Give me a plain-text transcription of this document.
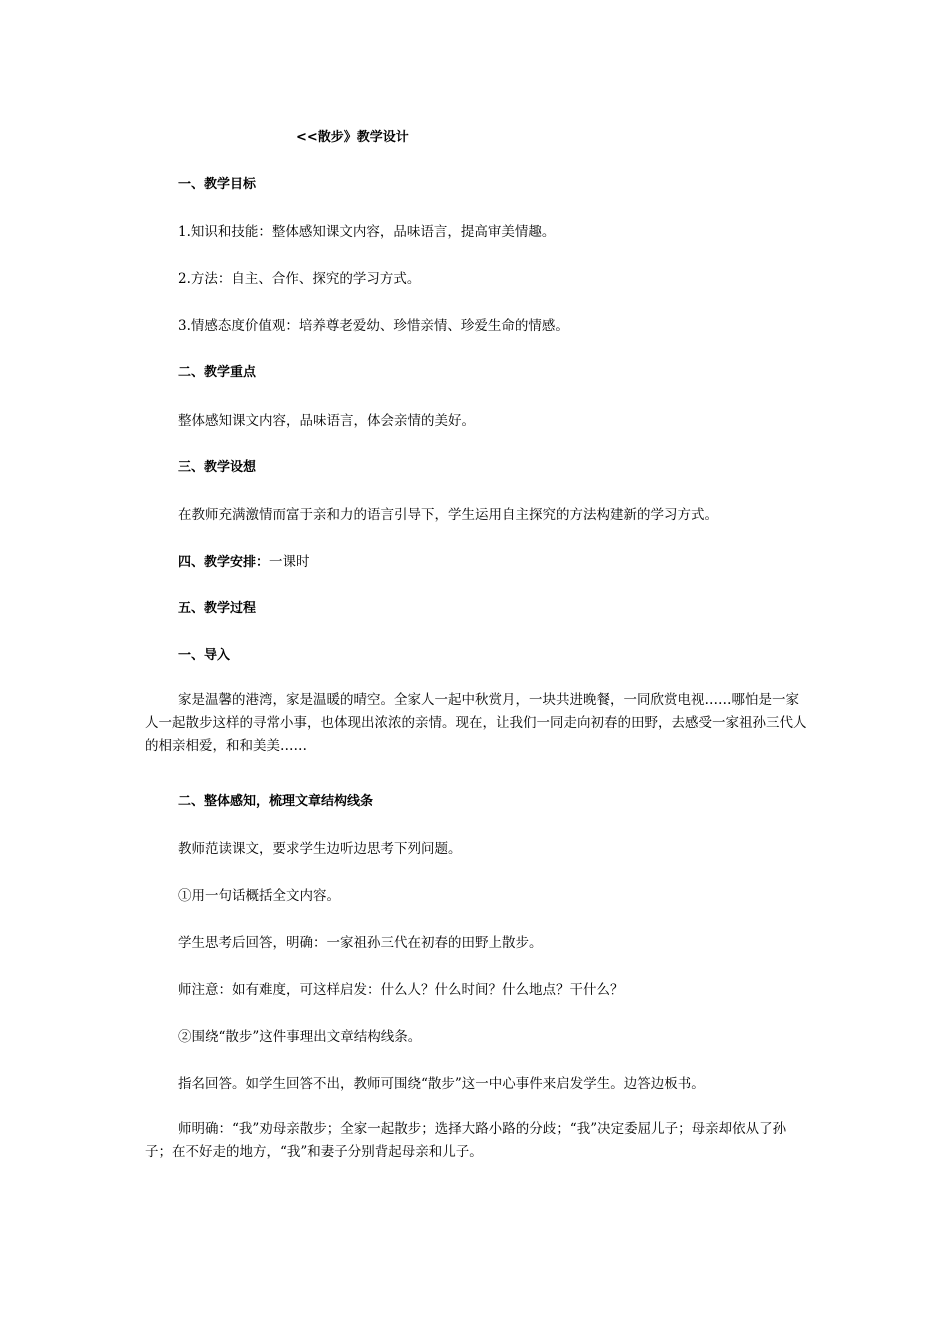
<<散步》教学设计

一、教学目标

1.知识和技能：整体感知课文内容，品味语言，提高审美情趣。

2.方法：自主、合作、探究的学习方式。

3.情感态度价值观：培养尊老爱幼、珍惜亲情、珍爱生命的情感。

二、教学重点

整体感知课文内容，品味语言，体会亲情的美好。

三、教学设想

在教师充满激情而富于亲和力的语言引导下，学生运用自主探究的方法构建新的学习方式。

四、教学安排：一课时

五、教学过程

一、导入

家是温馨的港湾，家是温暖的晴空。全家人一起中秋赏月，一块共进晚餐，一同欣赏电视……哪怕是一家人一起散步这样的寻常小事，也体现出浓浓的亲情。现在，让我们一同走向初春的田野，去感受一家祖孙三代人的相亲相爱，和和美美……

二、整体感知，梳理文章结构线条

教师范读课文，要求学生边听边思考下列问题。

①用一句话概括全文内容。

学生思考后回答，明确：一家祖孙三代在初春的田野上散步。

师注意：如有难度，可这样启发：什么人？什么时间？什么地点？干什么？

②围绕“散步”这件事理出文章结构线条。

指名回答。如学生回答不出，教师可围绕“散步”这一中心事件来启发学生。边答边板书。

师明确：“我”劝母亲散步；全家一起散步；选择大路小路的分歧；“我”决定委屈儿子；母亲却依从了孙子；在不好走的地方，“我”和妻子分别背起母亲和儿子。
